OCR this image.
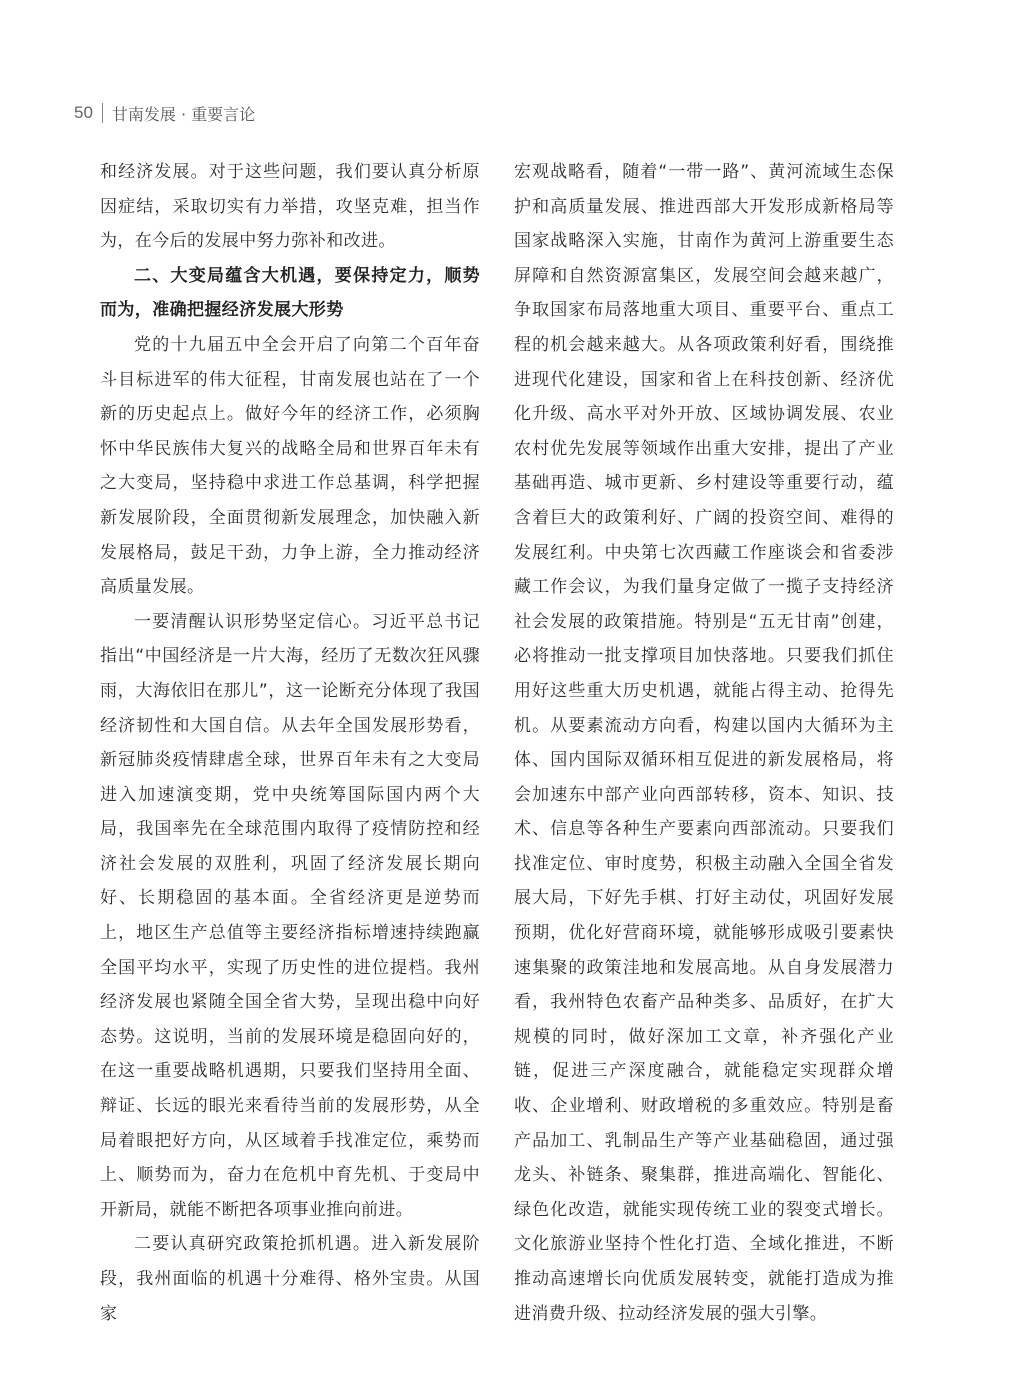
50 甘南发展 · 重要言论

和经济发展。对于这些问题，我们要认真分析原因症结，采取切实有力举措，攻坚克难，担当作为，在今后的发展中努力弥补和改进。

二、大变局蕴含大机遇，要保持定力，顺势而为，准确把握经济发展大形势

党的十九届五中全会开启了向第二个百年奋斗目标进军的伟大征程，甘南发展也站在了一个新的历史起点上。做好今年的经济工作，必须胸怀中华民族伟大复兴的战略全局和世界百年未有之大变局，坚持稳中求进工作总基调，科学把握新发展阶段，全面贯彻新发展理念，加快融入新发展格局，鼓足干劲，力争上游，全力推动经济高质量发展。

一要清醒认识形势坚定信心。习近平总书记指出“中国经济是一片大海，经历了无数次狂风骤雨，大海依旧在那儿”，这一论断充分体现了我国经济韧性和大国自信。从去年全国发展形势看，新冠肺炎疫情肆虐全球，世界百年未有之大变局进入加速演变期，党中央统筹国际国内两个大局，我国率先在全球范围内取得了疫情防控和经济社会发展的双胜利，巩固了经济发展长期向好、长期稳固的基本面。全省经济更是逆势而上，地区生产总值等主要经济指标增速持续跑赢全国平均水平，实现了历史性的进位提档。我州经济发展也紧随全国全省大势，呈现出稳中向好态势。这说明，当前的发展环境是稳固向好的，在这一重要战略机遇期，只要我们坚持用全面、辩证、长远的眼光来看待当前的发展形势，从全局着眼把好方向，从区域着手找准定位，乘势而上、顺势而为，奋力在危机中育先机、于变局中开新局，就能不断把各项事业推向前进。

二要认真研究政策抢抓机遇。进入新发展阶段，我州面临的机遇十分难得、格外宝贵。从国家

宏观战略看，随着“一带一路”、黄河流域生态保护和高质量发展、推进西部大开发形成新格局等国家战略深入实施，甘南作为黄河上游重要生态屏障和自然资源富集区，发展空间会越来越广，争取国家布局落地重大项目、重要平台、重点工程的机会越来越大。从各项政策利好看，围绕推进现代化建设，国家和省上在科技创新、经济优化升级、高水平对外开放、区域协调发展、农业农村优先发展等领域作出重大安排，提出了产业基础再造、城市更新、乡村建设等重要行动，蕴含着巨大的政策利好、广阔的投资空间、难得的发展红利。中央第七次西藏工作座谈会和省委涉藏工作会议，为我们量身定做了一揽子支持经济社会发展的政策措施。特别是“五无甘南”创建，必将推动一批支撑项目加快落地。只要我们抓住用好这些重大历史机遇，就能占得主动、抢得先机。从要素流动方向看，构建以国内大循环为主体、国内国际双循环相互促进的新发展格局，将会加速东中部产业向西部转移，资本、知识、技术、信息等各种生产要素向西部流动。只要我们找准定位、审时度势，积极主动融入全国全省发展大局，下好先手棋、打好主动仗，巩固好发展预期，优化好营商环境，就能够形成吸引要素快速集聚的政策洼地和发展高地。从自身发展潜力看，我州特色农畜产品种类多、品质好，在扩大规模的同时，做好深加工文章，补齐强化产业链，促进三产深度融合，就能稳定实现群众增收、企业增利、财政增税的多重效应。特别是畜产品加工、乳制品生产等产业基础稳固，通过强龙头、补链条、聚集群，推进高端化、智能化、绿色化改造，就能实现传统工业的裂变式增长。文化旅游业坚持个性化打造、全域化推进，不断推动高速增长向优质发展转变，就能打造成为推进消费升级、拉动经济发展的强大引擎。
